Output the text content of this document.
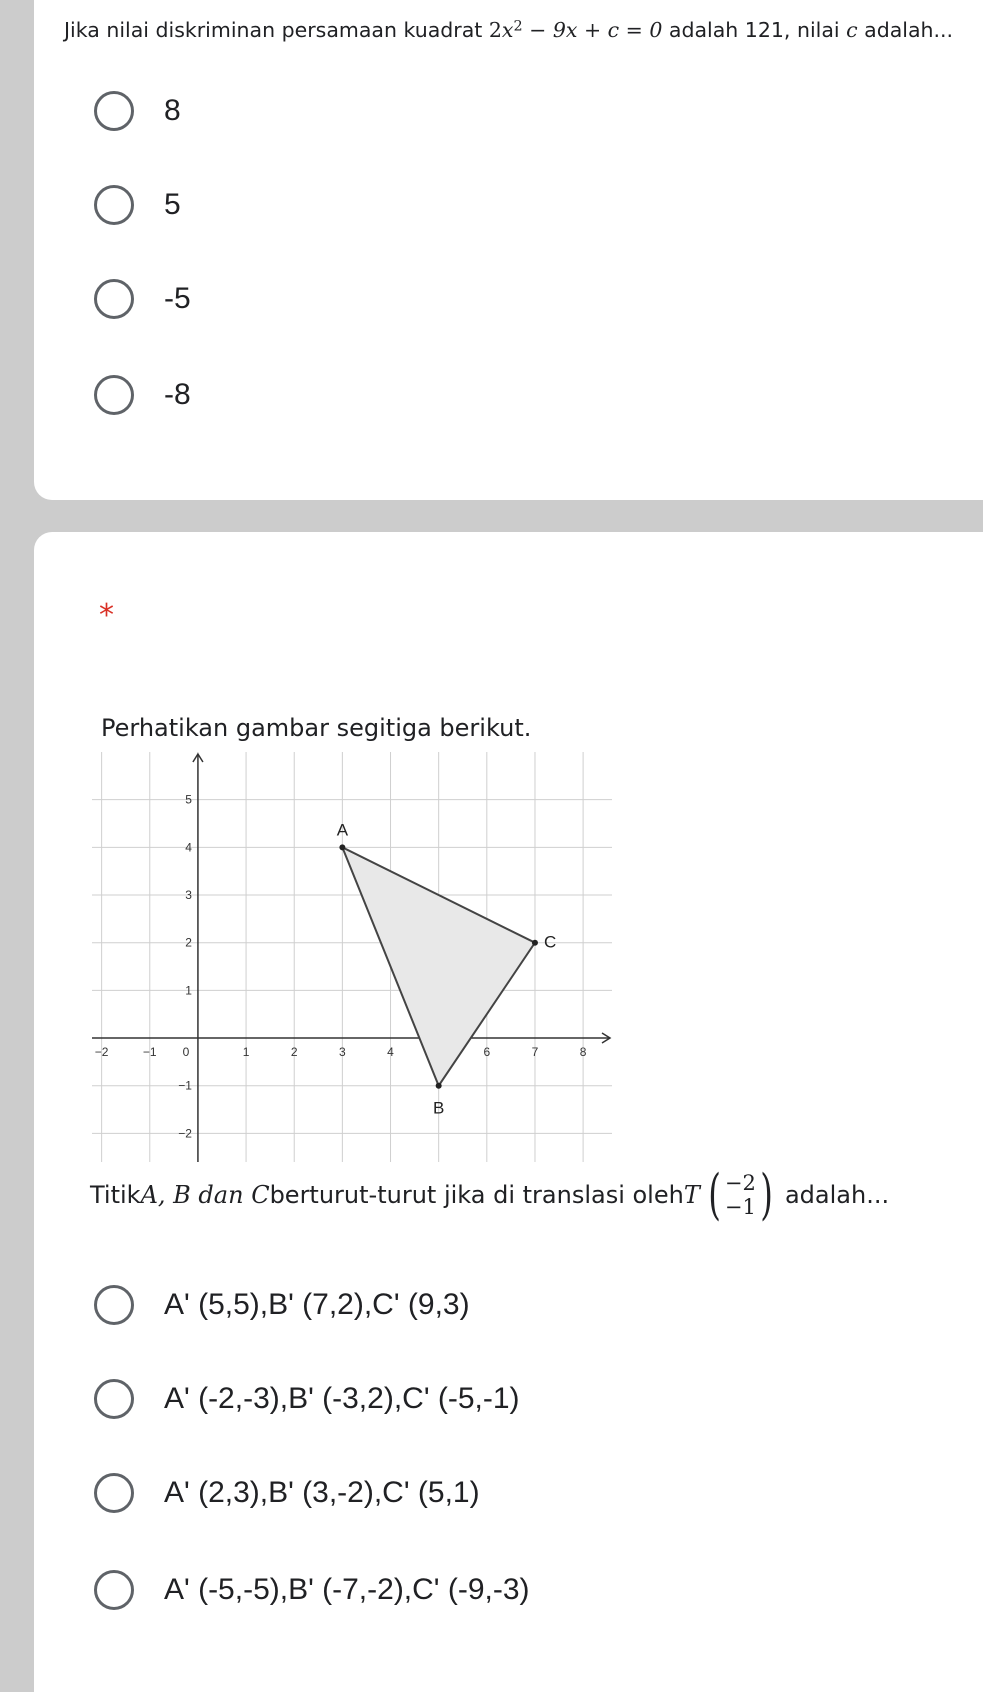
Jika nilai diskriminan persamaan kuadrat $2x^2 - 9x + c = 0$ adalah 121, nilai c adalah...
8
5
-5
-8
*
Perhatikan gambar segitiga berikut.
−2	−1 0	1	2	3	4	6	7	8
−2
−1
1
2
3
4
5
A
B
C
Titik A, B dan C berturut-turut jika di translasi oleh T ( −2
−1 ) adalah...
A' (5,5),B' (7,2),C' (9,3)
A' (-2,-3),B' (-3,2),C' (-5,-1)
A' (2,3),B' (3,-2),C' (5,1)
A' (-5,-5),B' (-7,-2),C' (-9,-3)
